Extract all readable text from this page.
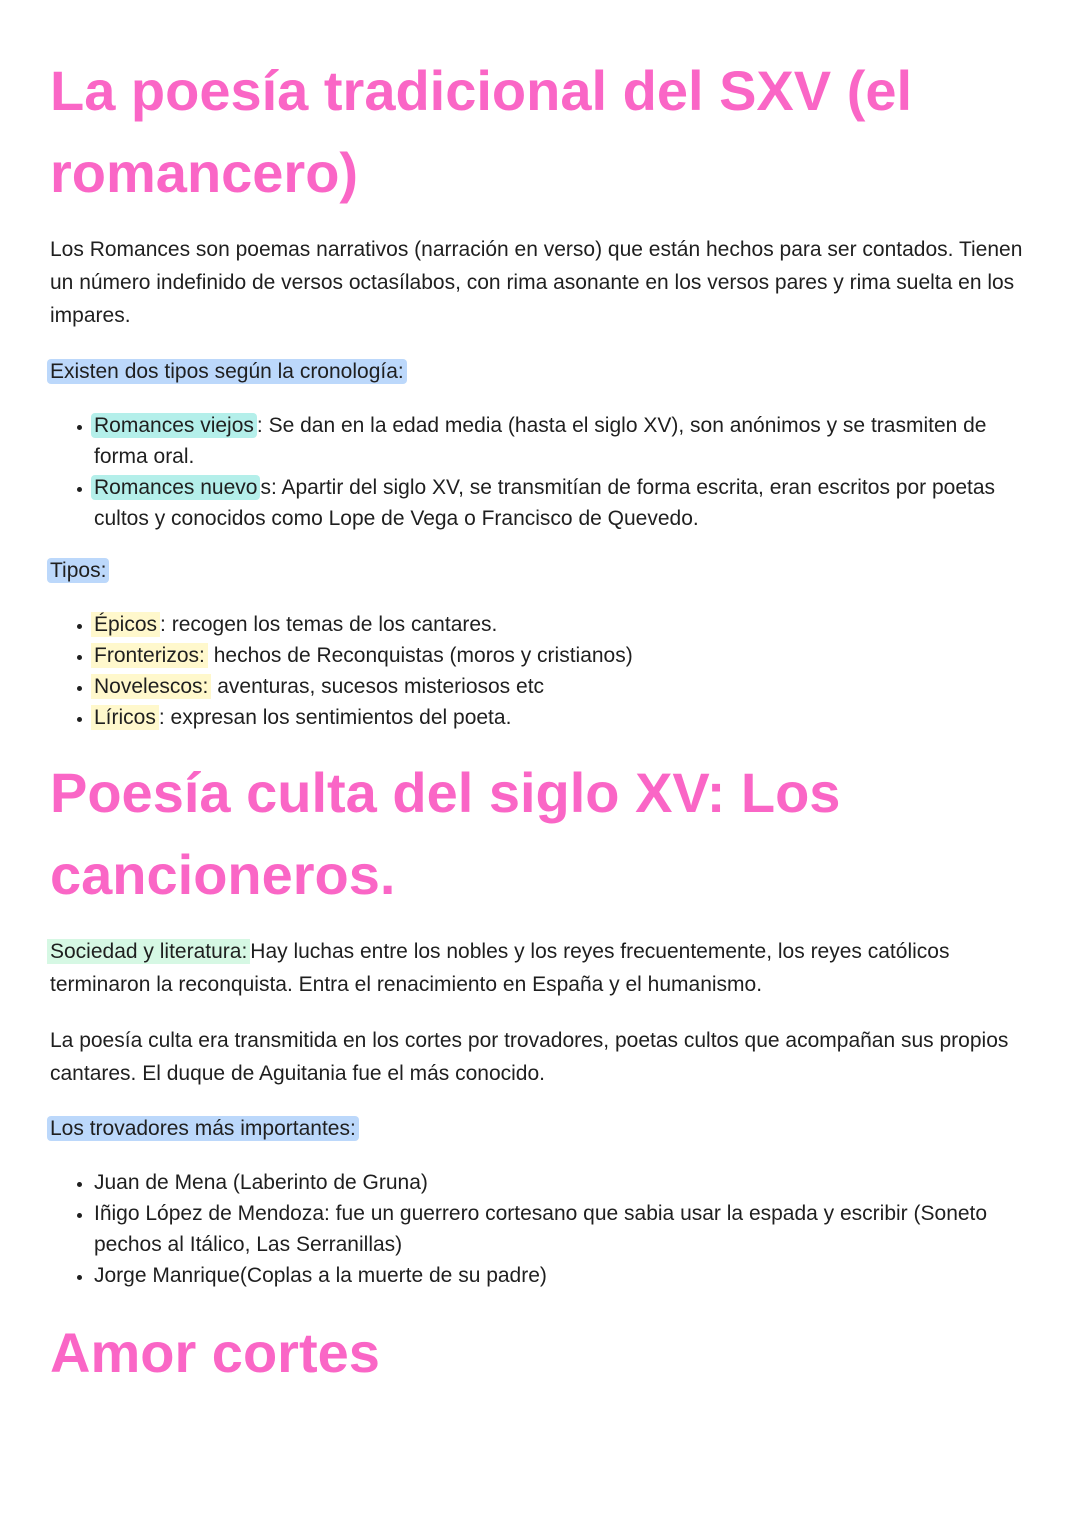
La poesía tradicional del SXV (el romancero)

Los Romances son poemas narrativos (narración en verso) que están hechos para ser contados. Tienen un número indefinido de versos octasílabos, con rima asonante en los versos pares y rima suelta en los impares.

Existen dos tipos según la cronología:

• Romances viejos : Se dan en la edad media (hasta el siglo XV), son anónimos y se trasmiten de forma oral.
• Romances nuevo s: Apartir del siglo XV, se transmitían de forma escrita, eran escritos por poetas cultos y conocidos como Lope de Vega o Francisco de Quevedo.

Tipos:

• Épicos : recogen los temas de los cantares.
• Fronterizos: hechos de Reconquistas (moros y cristianos)
• Novelescos: aventuras, sucesos misteriosos etc
• Líricos : expresan los sentimientos del poeta.
Poesía culta del siglo XV: Los cancioneros.

Sociedad y literatura: Hay luchas entre los nobles y los reyes frecuentemente, los reyes católicos terminaron la reconquista. Entra el renacimiento en España y el humanismo.

La poesía culta era transmitida en los cortes por trovadores, poetas cultos que acompañan sus propios cantares. El duque de Aguitania fue el más conocido.

Los trovadores más importantes:

• Juan de Mena (Laberinto de Gruna)
• Iñigo López de Mendoza: fue un guerrero cortesano que sabia usar la espada y escribir (Soneto pechos al Itálico, Las Serranillas)
• Jorge Manrique(Coplas a la muerte de su padre)
Amor cortes
